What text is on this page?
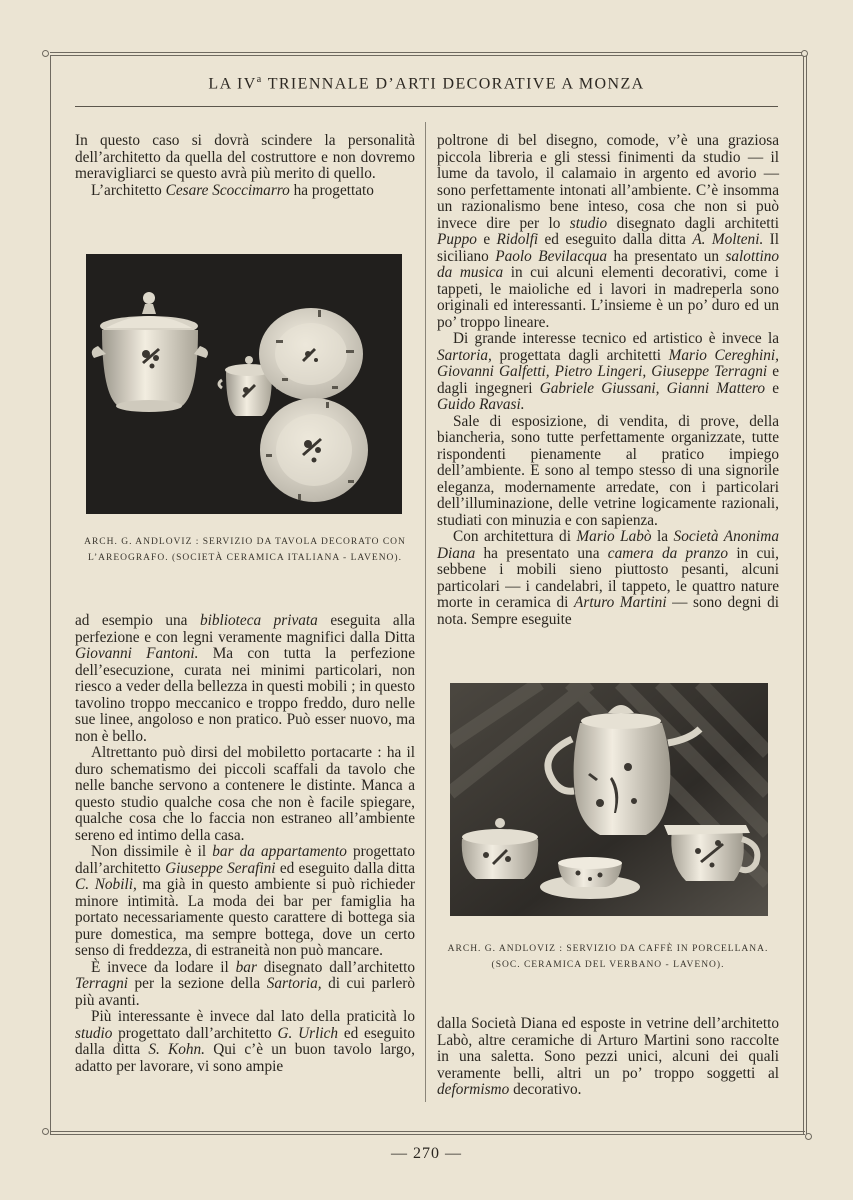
LA $IV^a$ TRIENNALE D’ARTI DECORATIVE A MONZA

In questo caso si dovrà scindere la personalità dell’architetto da quella del costruttore e non dovremo meravigliarci se questo avrà più merito di quello.

L’architetto Cesare Scoccimarro ha progettato

ARCH. G. ANDLOVIZ : SERVIZIO DA TAVOLA DECORATO CON
L’AREOGRAFO. (SOCIETÀ CERAMICA ITALIANA - LAVENO).

ad esempio una biblioteca privata eseguita alla perfezione e con legni veramente magnifici dalla Ditta Giovanni Fantoni. Ma con tutta la perfezione dell’esecuzione, curata nei minimi particolari, non riesco a veder della bellezza in questi mobili ; in questo tavolino troppo meccanico e troppo freddo, duro nelle sue linee, angoloso e non pratico. Può esser nuovo, ma non è bello.

Altrettanto può dirsi del mobiletto portacarte : ha il duro schematismo dei piccoli scaffali da tavolo che nelle banche servono a contenere le distinte. Manca a questo studio qualche cosa che non è facile spiegare, qualche cosa che lo faccia non estraneo all’ambiente sereno ed intimo della casa.

Non dissimile è il bar da appartamento progettato dall’architetto Giuseppe Serafini ed eseguito dalla ditta C. Nobili, ma già in questo ambiente si può richieder minore intimità. La moda dei bar per famiglia ha portato necessariamente questo carattere di bottega sia pure domestica, ma sempre bottega, dove un certo senso di freddezza, di estraneità non può mancare.

È invece da lodare il bar disegnato dall’architetto Terragni per la sezione della Sartoria, di cui parlerò più avanti.

Più interessante è invece dal lato della praticità lo studio progettato dall’architetto G. Urlich ed eseguito dalla ditta S. Kohn. Qui c’è un buon tavolo largo, adatto per lavorare, vi sono ampie

poltrone di bel disegno, comode, v’è una graziosa piccola libreria e gli stessi finimenti da studio — il lume da tavolo, il calamaio in argento ed avorio — sono perfettamente intonati all’ambiente. C’è insomma un razionalismo bene inteso, cosa che non si può invece dire per lo studio disegnato dagli architetti Puppo e Ridolfi ed eseguito dalla ditta A. Molteni. Il siciliano Paolo Bevilacqua ha presentato un salottino da musica in cui alcuni elementi decorativi, come i tappeti, le maioliche ed i lavori in madreperla sono originali ed interessanti. L’insieme è un po’ duro ed un po’ troppo lineare.

Di grande interesse tecnico ed artistico è invece la Sartoria, progettata dagli architetti Mario Cereghini, Giovanni Galfetti, Pietro Lingeri, Giuseppe Terragni e dagli ingegneri Gabriele Giussani, Gianni Mattero e Guido Ravasi.

Sale di esposizione, di vendita, di prove, della biancheria, sono tutte perfettamente organizzate, tutte rispondenti pienamente al pratico impiego dell’ambiente. E sono al tempo stesso di una signorile eleganza, modernamente arredate, con i particolari dell’illuminazione, delle vetrine logicamente razionali, studiati con minuzia e con sapienza.

Con architettura di Mario Labò la Società Anonima Diana ha presentato una camera da pranzo in cui, sebbene i mobili sieno piuttosto pesanti, alcuni particolari — i candelabri, il tappeto, le quattro nature morte in ceramica di Arturo Martini — sono degni di nota. Sempre eseguite

ARCH. G. ANDLOVIZ : SERVIZIO DA CAFFÈ IN PORCELLANA.
(SOC. CERAMICA DEL VERBANO - LAVENO).

dalla Società Diana ed esposte in vetrine dell’architetto Labò, altre ceramiche di Arturo Martini sono raccolte in una saletta. Sono pezzi unici, alcuni dei quali veramente belli, altri un po’ troppo soggetti al deformismo decorativo.

— 270 —
